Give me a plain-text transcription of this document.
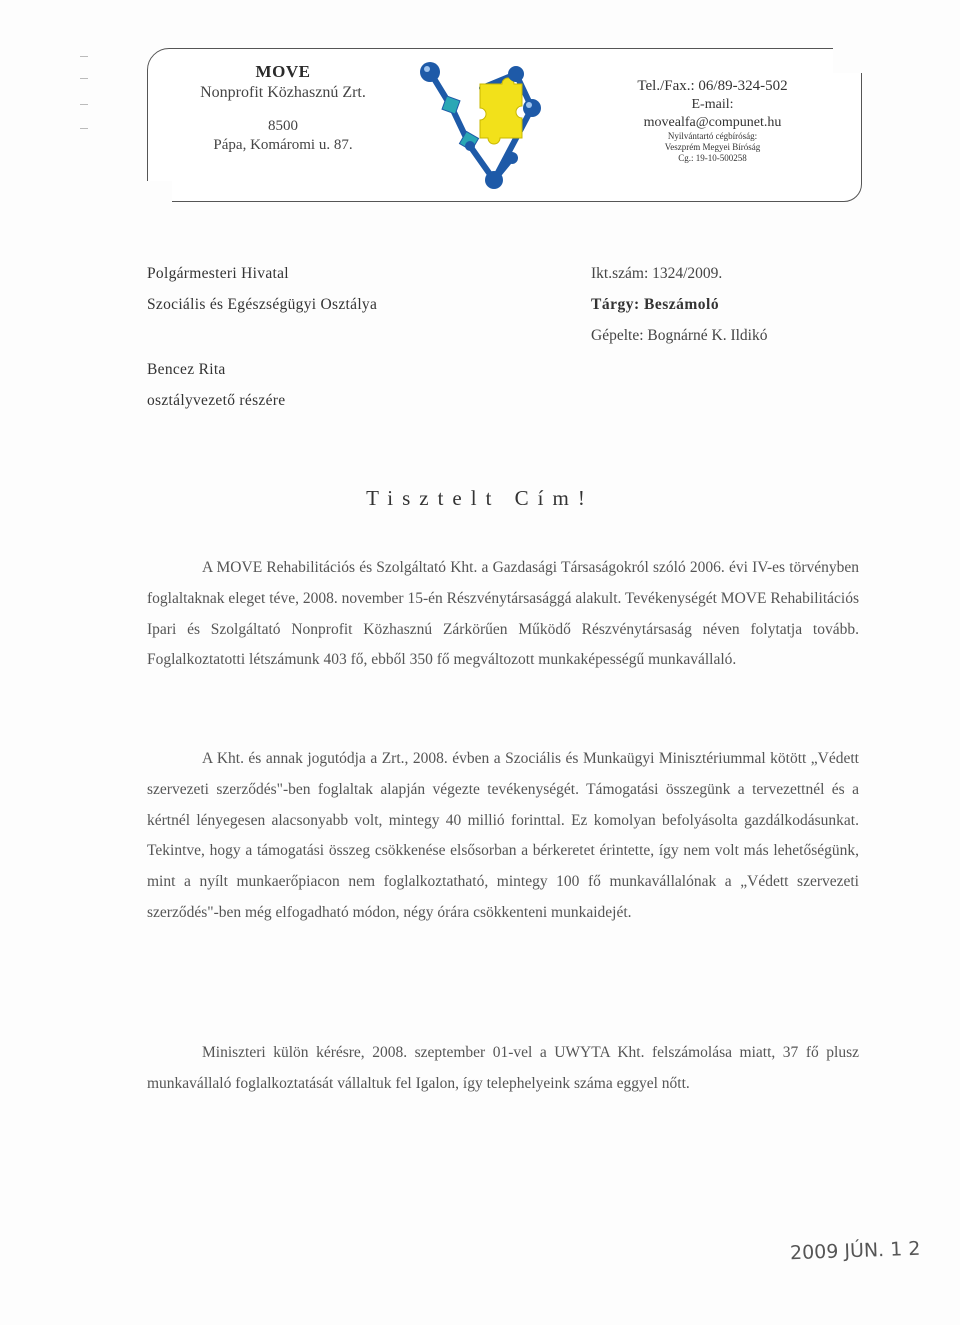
MOVE
Nonprofit Közhasznú Zrt.
8500
Pápa, Komáromi u. 87.
Tel./Fax.: 06/89-324-502
E-mail:
movealfa@compunet.hu
Nyilvántartó cégbíróság:
Veszprém Megyei Bíróság
Cg.: 19-10-500258
Polgármesteri Hivatal
Szociális és Egészségügyi Osztálya
Bencez Rita
osztályvezető részére
Ikt.szám: 1324/2009.
Tárgy: Beszámoló
Gépelte: Bognárné K. Ildikó
Tisztelt Cím!
A MOVE Rehabilitációs és Szolgáltató Kht. a Gazdasági Társaságokról szóló 2006. évi IV-es törvényben foglaltaknak eleget téve, 2008. november 15-én Részvénytársasággá alakult. Tevékenységét MOVE Rehabilitációs Ipari és Szolgáltató Nonprofit Közhasznú Zárkörűen Működő Részvénytársaság néven folytatja tovább. Foglalkoztatotti létszámunk 403 fő, ebből 350 fő megváltozott munkaképességű munkavállaló.
A Kht. és annak jogutódja a Zrt., 2008. évben a Szociális és Munkaügyi Minisztériummal kötött „Védett szervezeti szerződés"-ben foglaltak alapján végezte tevékenységét. Támogatási összegünk a tervezettnél és a kértnél lényegesen alacsonyabb volt, mintegy 40 millió forinttal. Ez komolyan befolyásolta gazdálkodásunkat. Tekintve, hogy a támogatási összeg csökkenése elsősorban a bérkeretet érintette, így nem volt más lehetőségünk, mint a nyílt munkaerőpiacon nem foglalkoztatható, mintegy 100 fő munkavállalónak a „Védett szervezeti szerződés"-ben még elfogadható módon, négy órára csökkenteni munkaidejét.
Miniszteri külön kérésre, 2008. szeptember 01-vel a UWYTA Kht. felszámolása miatt, 37 fő plusz munkavállaló foglalkoztatását vállaltuk fel Igalon, így telephelyeink száma eggyel nőtt.
2009 JÚN. 1 2
